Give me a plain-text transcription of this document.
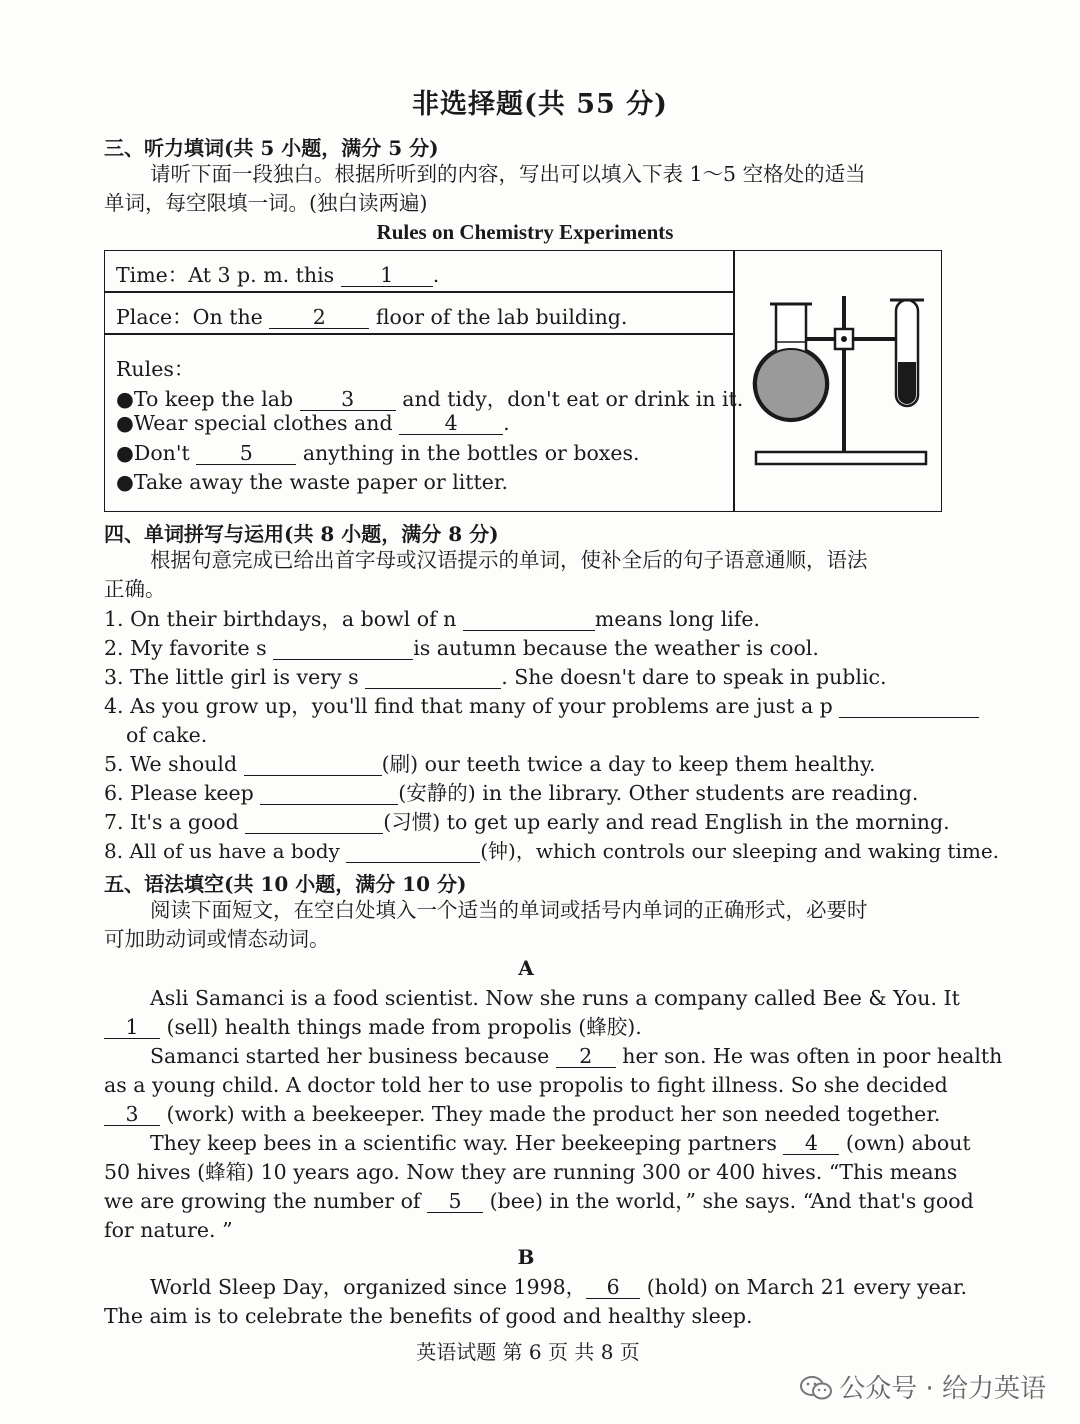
非选择题(共 55 分)
三、听力填词(共 5 小题，满分 5 分)
请听下面一段独白。根据所听到的内容，写出可以填入下表 1～5 空格处的适当
单词，每空限填一词。(独白读两遍)
Rules on Chemistry Experiments
Time：At 3 p. m. this 1 .
Place：On the 2 floor of the lab building.
Rules：
●To keep the lab 3 and tidy，don't eat or drink in it.
●Wear special clothes and	4 .
●Don't 5 anything in the bottles or boxes.
●Take away the waste paper or litter.
四、单词拼写与运用(共 8 小题，满分 8 分)
根据句意完成已给出首字母或汉语提示的单词，使补全后的句子语意通顺，语法
正确。
1. On their birthdays，a bowl of n	means long life.
2. My favorite s	is autumn because the weather is cool.
3. The little girl is very s	. She doesn't dare to speak in public.
4. As you grow up，you'll find that many of your problems are just a p
of cake.
5. We should	(刷) our teeth twice a day to keep them healthy.
6. Please keep	(安静的) in the library. Other students are reading.
7. It's a good	(习惯) to get up early and read English in the morning.
8. All of us have a body	(钟)，which controls our sleeping and waking time.
五、语法填空(共 10 小题，满分 10 分)
阅读下面短文，在空白处填入一个适当的单词或括号内单词的正确形式，必要时
可加助动词或情态动词。
A
Asli Samanci is a food scientist. Now she runs a company called Bee & You. It
1 (sell) health things made from propolis (蜂胶).
Samanci started her business because 2 her son. He was often in poor health
as a young child. A doctor told her to use propolis to fight illness. So she decided
3 (work) with a beekeeper. They made the product her son needed together.
They keep bees in a scientific way. Her beekeeping partners 4 (own) about
50 hives (蜂箱) 10 years ago. Now they are running 300 or 400 hives. “This means
we are growing the number of 5 (bee) in the world，” she says. “And that's good
for nature. ”
B
World Sleep Day，organized since 1998， 6 (hold) on March 21 every year.
The aim is to celebrate the benefits of good and healthy sleep.
英语试题 第 6 页 共 8 页
公众号 · 给力英语
